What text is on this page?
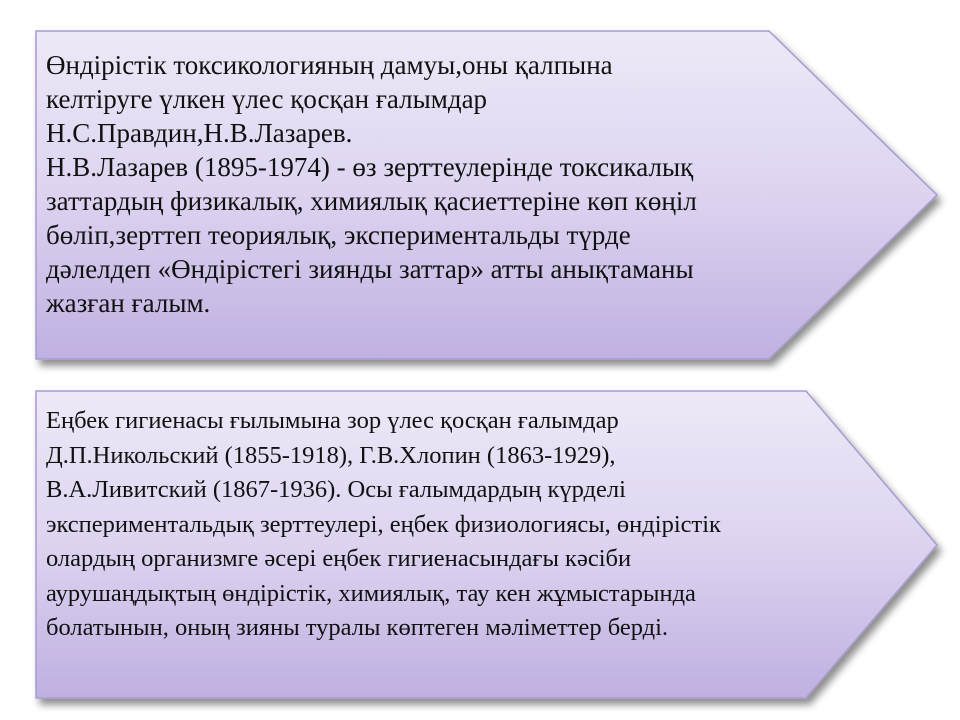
Өндірістік токсикологияның дамуы,оны қалпына
келтіруге үлкен үлес қосқан ғалымдар
Н.С.Правдин,Н.В.Лазарев.
Н.В.Лазарев (1895-1974) - өз зерттеулерінде токсикалық
заттардың физикалық, химиялық қасиеттеріне көп көңіл
бөліп,зерттеп теориялық, экспериментальды түрде
дәлелдеп «Өндірістегі зиянды заттар» атты анықтаманы
жазған ғалым.
Еңбек гигиенасы ғылымына зор үлес қосқан ғалымдар
Д.П.Никольский (1855-1918), Г.В.Хлопин (1863-1929),
В.А.Ливитский (1867-1936). Осы ғалымдардың күрделі
экспериментальдық зерттеулері, еңбек физиологиясы, өндірістік
олардың организмге әсері еңбек гигиенасындағы кәсіби
аурушаңдықтың өндірістік, химиялық, тау кен жұмыстарында
болатынын, оның зияны туралы көптеген мәліметтер берді.
